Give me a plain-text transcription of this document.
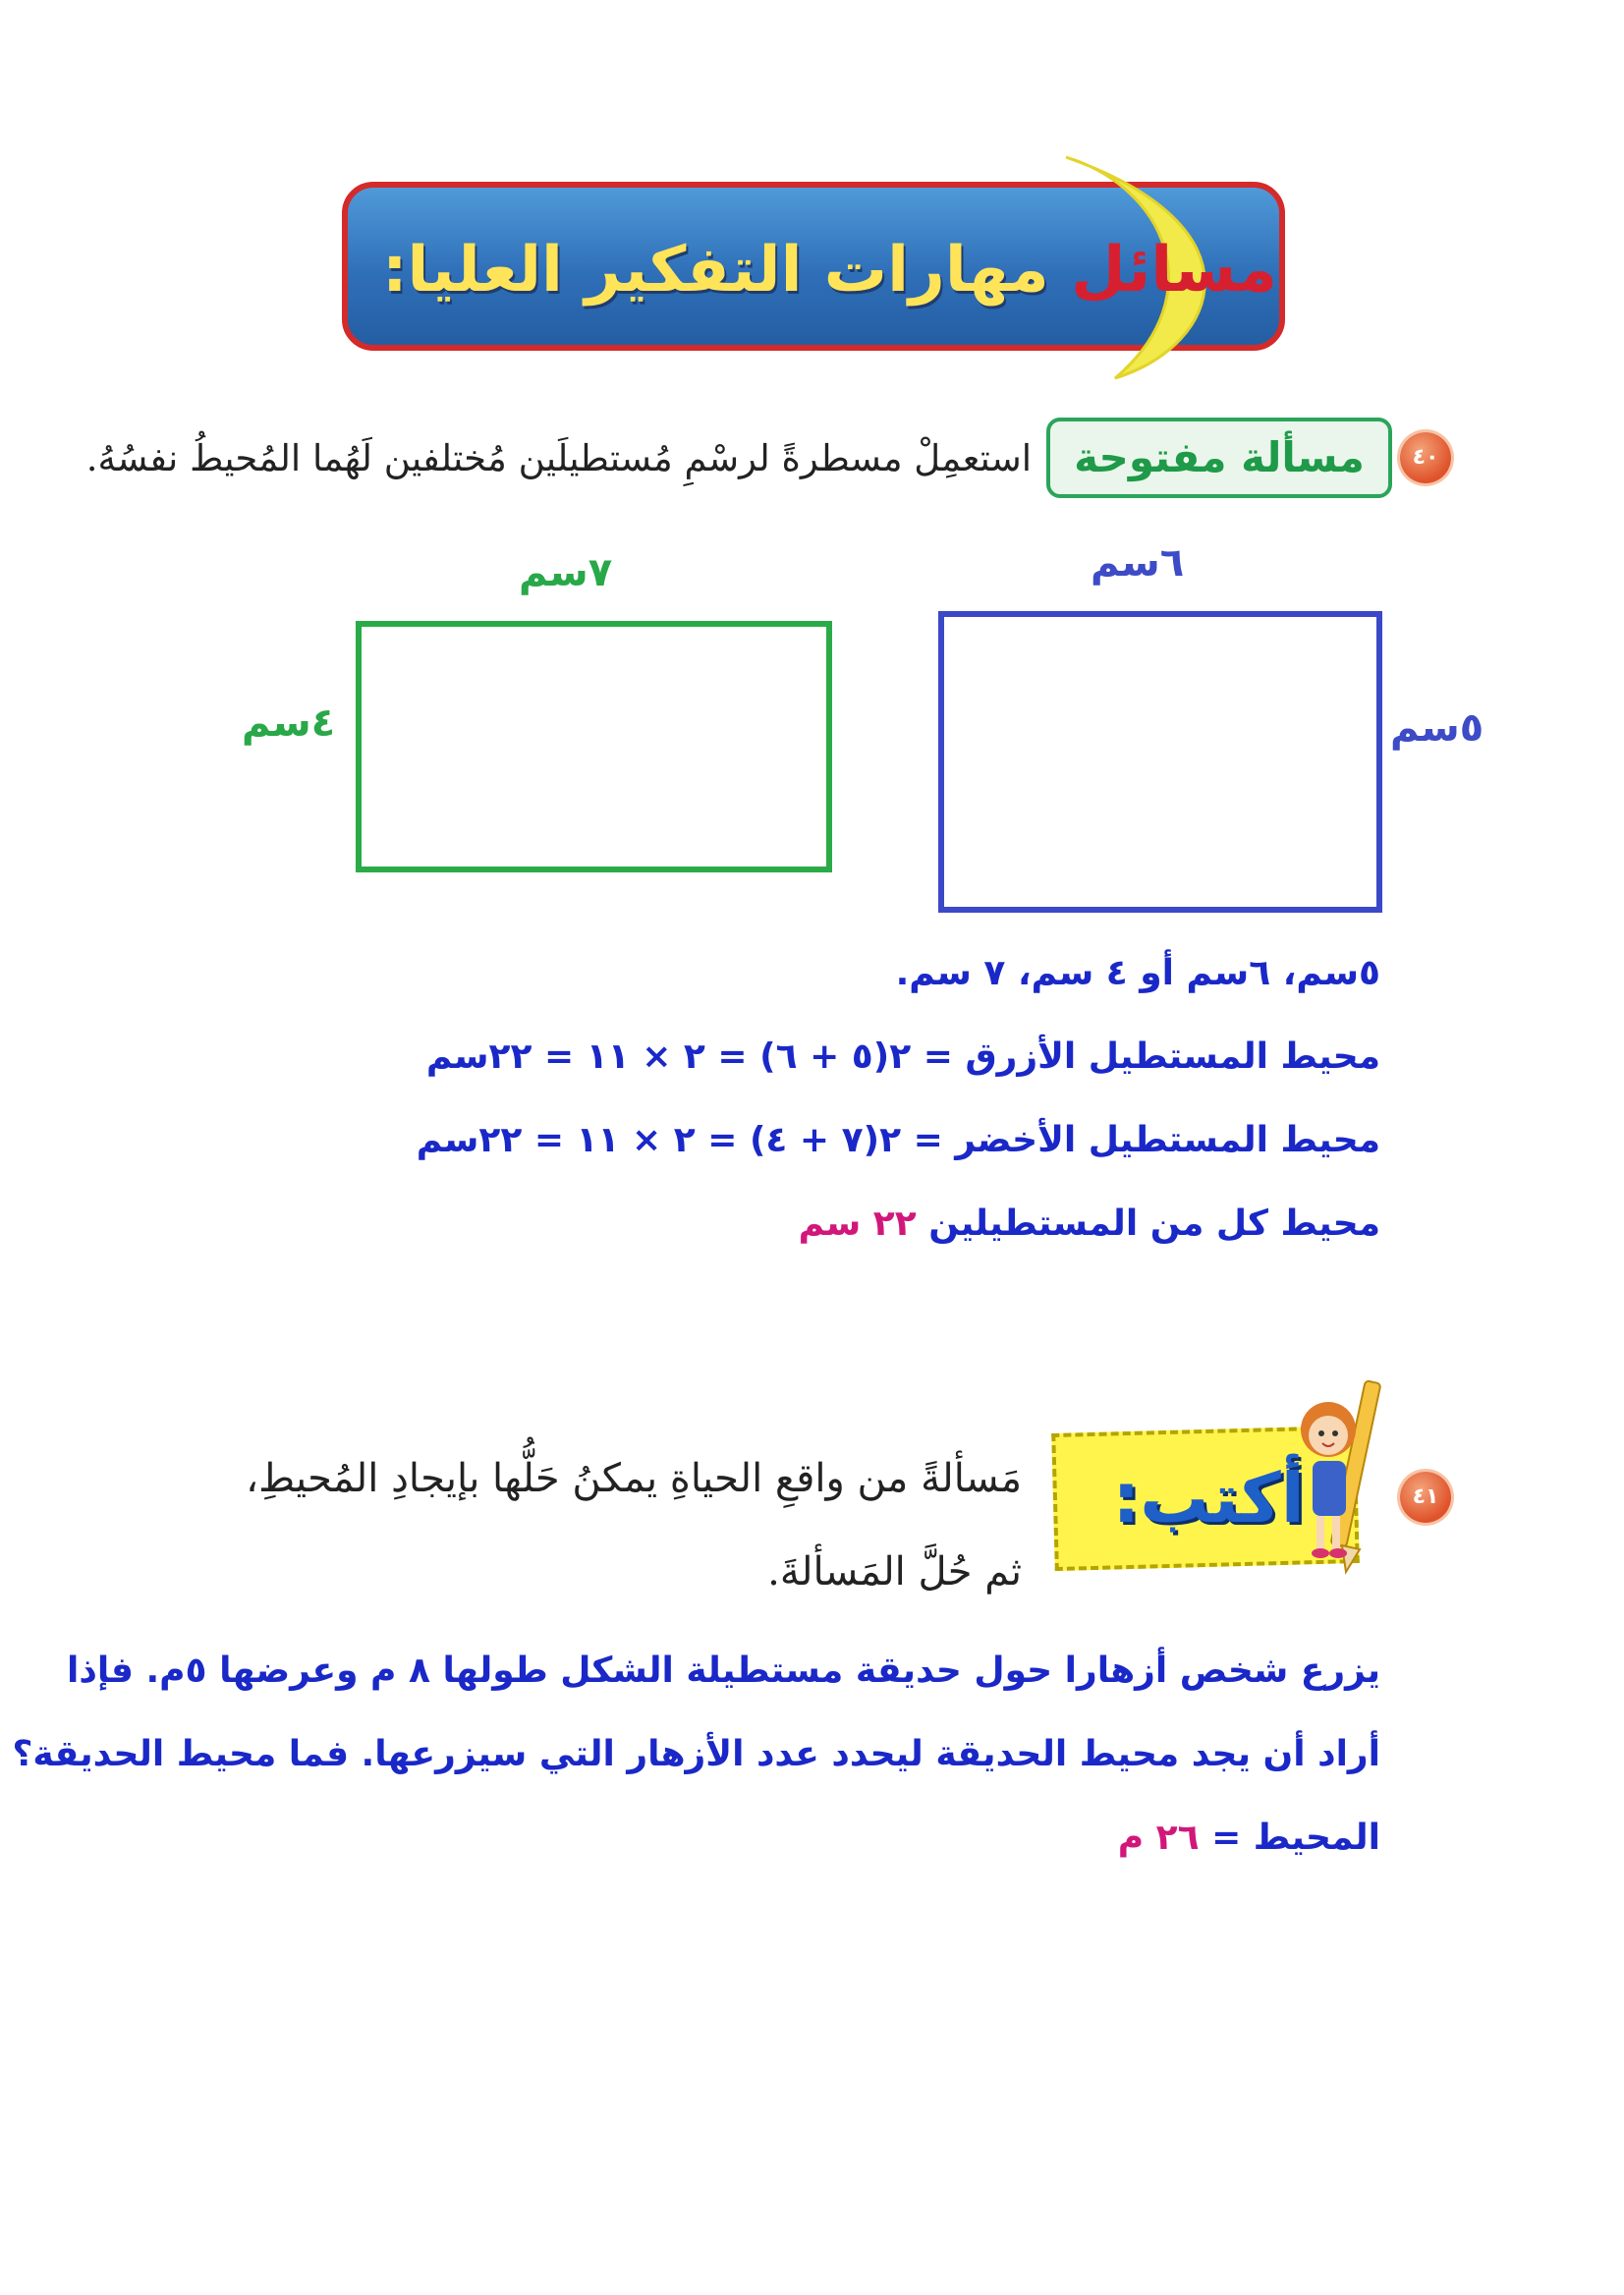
مسائل مهارات التفكير العليا:
٤٠
مسألة مفتوحة
استعمِلْ مسطرةً لرسْمِ مُستطيلَين مُختلفين لَهُما المُحيطُ نفسُهُ.
٦سم
٥سم
٧سم
٤سم
٥سم، ٦سم أو ٤ سم، ٧ سم.
محيط المستطيل الأزرق = ٢(٥ + ٦) = ٢ × ١١ = ٢٢سم
محيط المستطيل الأخضر = ٢(٧ + ٤) = ٢ × ١١ = ٢٢سم
محيط كل من المستطيلين ٢٢ سم
٤١
أكتب:
مَسألةً من واقعِ الحياةِ يمكنُ حَلُّها بإيجادِ المُحيطِ،
ثم حُلَّ المَسألةَ.
يزرع شخص أزهارا حول حديقة مستطيلة الشكل طولها ٨ م وعرضها ٥م. فإذا
أراد أن يجد محيط الحديقة ليحدد عدد الأزهار التي سيزرعها. فما محيط الحديقة؟
المحيط = ٢٦ م
